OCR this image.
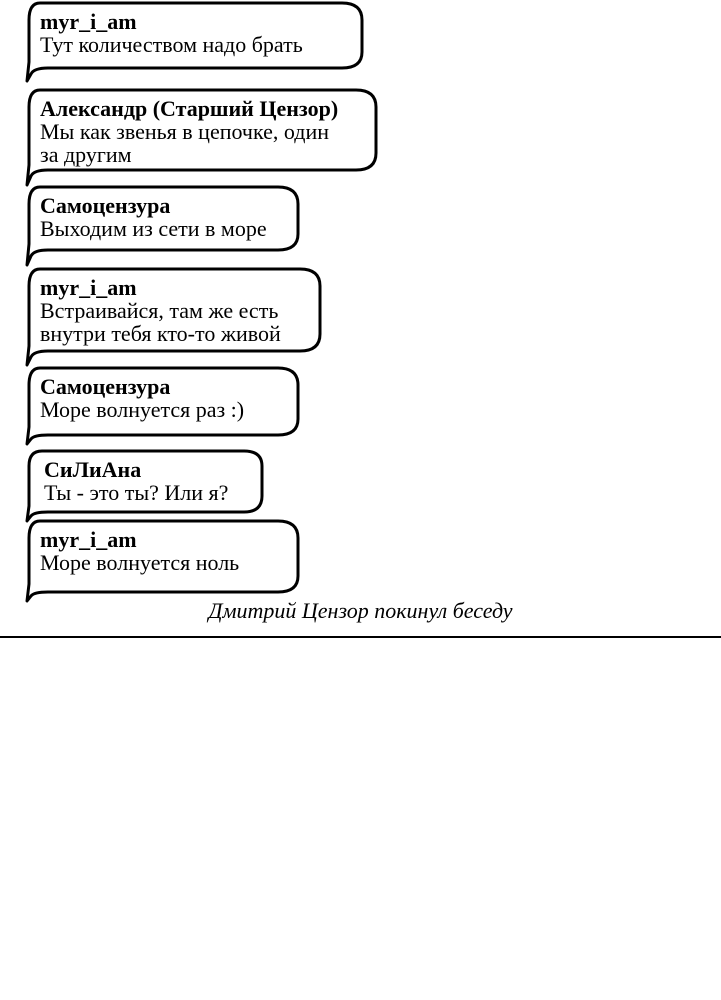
myr_i_am
Тут количеством надо брать
Александр (Старший Цензор)
Мы как звенья в цепочке, один
за другим
Самоцензура
Выходим из сети в море
myr_i_am
Встраивайся, там же есть
внутри тебя кто-то живой
Самоцензура
Море волнуется раз :)
СиЛиАна
Ты - это ты? Или я?
myr_i_am
Море волнуется ноль
Дмитрий Цензор покинул беседу
